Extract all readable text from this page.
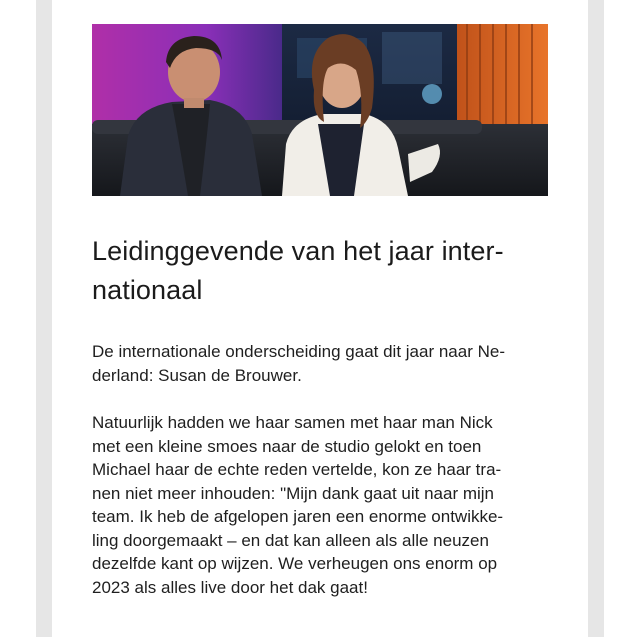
Leidinggevende van het jaar inter-
nationaal

De internationale onderscheiding gaat dit jaar naar Ne-
derland: Susan de Brouwer.

Natuurlijk hadden we haar samen met haar man Nick
met een kleine smoes naar de studio gelokt en toen
Michael haar de echte reden vertelde, kon ze haar tra-
nen niet meer inhouden: "Mijn dank gaat uit naar mijn
team. Ik heb de afgelopen jaren een enorme ontwikke-
ling doorgemaakt – en dat kan alleen als alle neuzen
dezelfde kant op wijzen. We verheugen ons enorm op
2023 als alles live door het dak gaat!
